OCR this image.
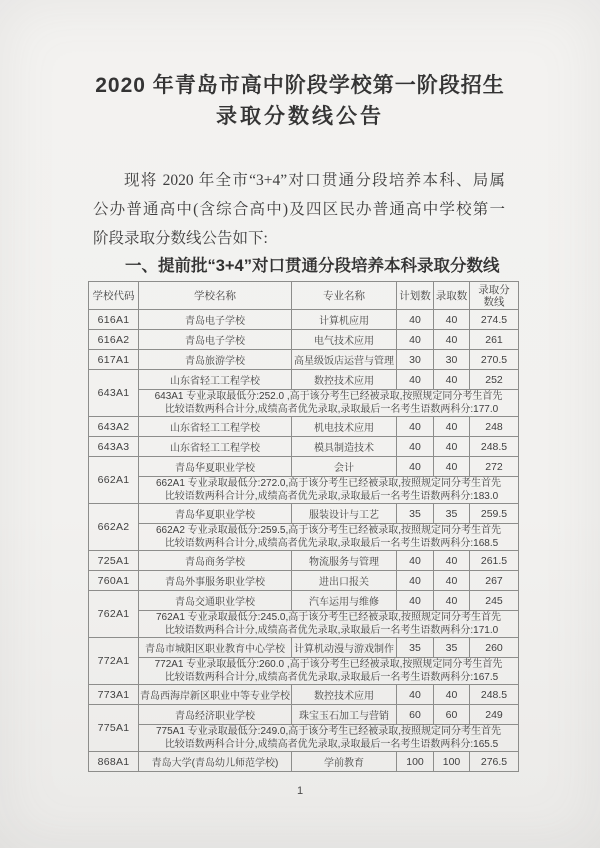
2020 年青岛市高中阶段学校第一阶段招生
录取分数线公告
现将 2020 年全市“3+4”对口贯通分段培养本科、局属
公办普通高中(含综合高中)及四区民办普通高中学校第一
阶段录取分数线公告如下:
一、提前批“3+4”对口贯通分段培养本科录取分数线
学校代码	学校名称	专业名称	计划数	录取数	录取分数线
616A1	青岛电子学校	计算机应用	40	40	274.5
616A2	青岛电子学校	电气技术应用	40	40	261
617A1	青岛旅游学校	高星级饭店运营与管理	30	30	270.5
643A1	山东省轻工工程学校	数控技术应用	40	40	252

	643A1 专业录取最低分:252.0 ,高于该分考生已经被录取,按照规定同分考生首先
比较语数两科合计分,成绩高者优先录取,录取最后一名考生语数两科分:177.0				

643A2	山东省轻工工程学校	机电技术应用	40	40	248
643A3	山东省轻工工程学校	模具制造技术	40	40	248.5
662A1	青岛华夏职业学校	会计	40	40	272

	662A1 专业录取最低分:272.0,高于该分考生已经被录取,按照规定同分考生首先
比较语数两科合计分,成绩高者优先录取,录取最后一名考生语数两科分:183.0				

662A2	青岛华夏职业学校	服装设计与工艺	35	35	259.5

	662A2 专业录取最低分:259.5,高于该分考生已经被录取,按照规定同分考生首先
比较语数两科合计分,成绩高者优先录取,录取最后一名考生语数两科分:168.5				

725A1	青岛商务学校	物流服务与管理	40	40	261.5
760A1	青岛外事服务职业学校	进出口报关	40	40	267
762A1	青岛交通职业学校	汽车运用与维修	40	40	245

	762A1 专业录取最低分:245.0,高于该分考生已经被录取,按照规定同分考生首先
比较语数两科合计分,成绩高者优先录取,录取最后一名考生语数两科分:171.0				

772A1	青岛市城阳区职业教育中心学校	计算机动漫与游戏制作	35	35	260

	772A1 专业录取最低分:260.0 ,高于该分考生已经被录取,按照规定同分考生首先
比较语数两科合计分,成绩高者优先录取,录取最后一名考生语数两科分:167.5				

773A1	青岛西海岸新区职业中等专业学校	数控技术应用	40	40	248.5
775A1	青岛经济职业学校	珠宝玉石加工与营销	60	60	249

	775A1 专业录取最低分:249.0,高于该分考生已经被录取,按照规定同分考生首先
比较语数两科合计分,成绩高者优先录取,录取最后一名考生语数两科分:165.5				

868A1	青岛大学(青岛幼儿师范学校)	学前教育	100	100	276.5
1
